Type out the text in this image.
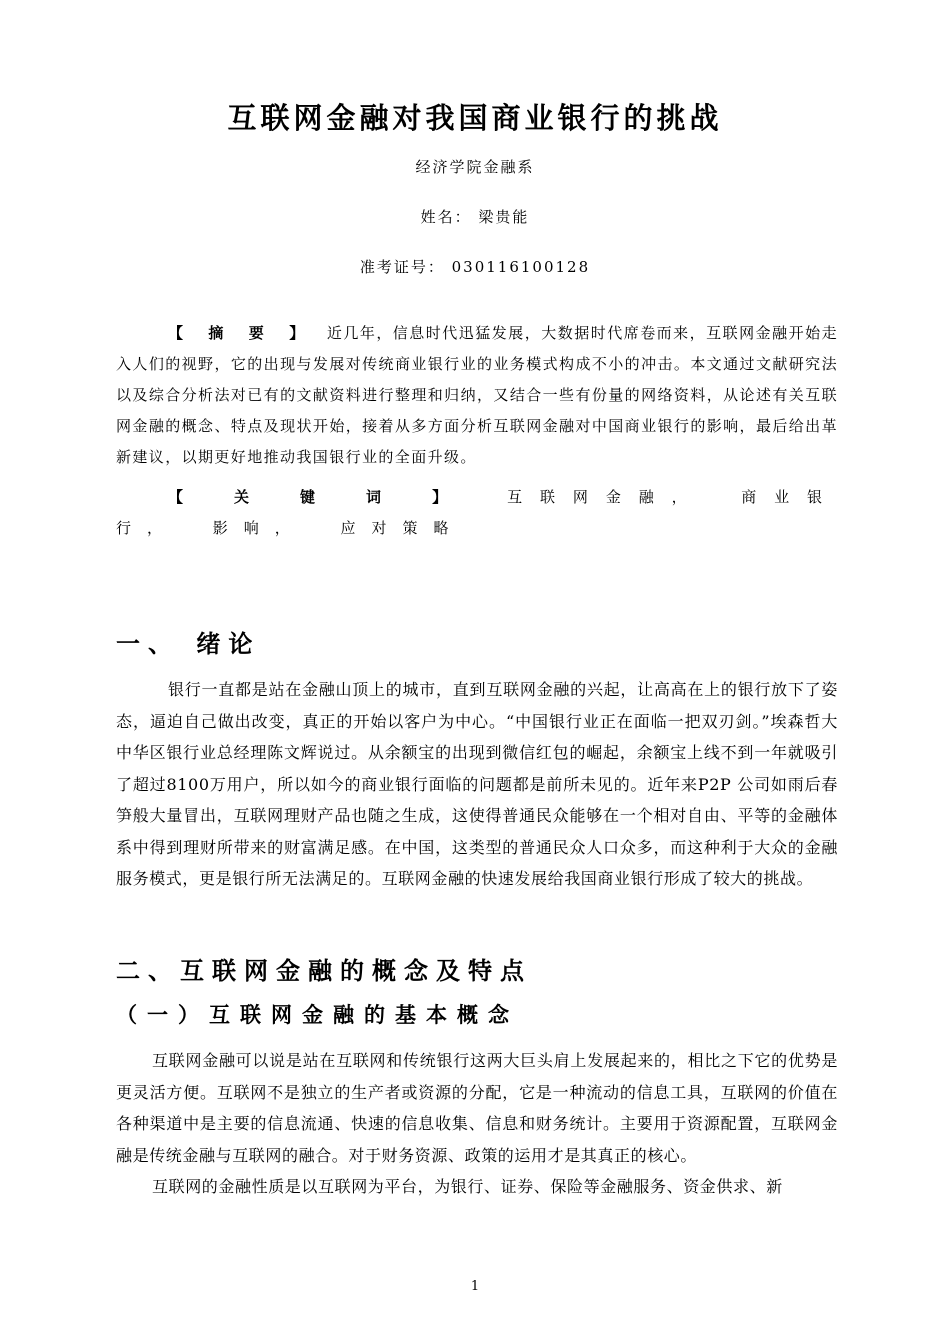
互联网金融对我国商业银行的挑战
经济学院金融系
姓名： 梁贵能
准考证号： 030116100128

【 摘 要 】 近几年，信息时代迅猛发展，大数据时代席卷而来，互联网金融开始走入人们的视野，它的出现与发展对传统商业银行业的业务模式构成不小的冲击。本文通过文献研究法以及综合分析法对已有的文献资料进行整理和归纳，又结合一些有份量的网络资料，从论述有关互联网金融的概念、特点及现状开始，接着从多方面分析互联网金融对中国商业银行的影响，最后给出革新建议，以期更好地推动我国银行业的全面升级。

【 关 键 词 】	互联网金融， 商业银行， 影响， 应对策略

一、 绪论

银行一直都是站在金融山顶上的城市，直到互联网金融的兴起，让高高在上的银行放下了姿态，逼迫自己做出改变，真正的开始以客户为中心。“中国银行业正在面临一把双刃剑。”埃森哲大中华区银行业总经理陈文辉说过。从余额宝的出现到微信红包的崛起，余额宝上线不到一年就吸引了超过8100万用户，所以如今的商业银行面临的问题都是前所未见的。近年来P2P 公司如雨后春笋般大量冒出，互联网理财产品也随之生成，这使得普通民众能够在一个相对自由、平等的金融体系中得到理财所带来的财富满足感。在中国，这类型的普通民众人口众多，而这种利于大众的金融服务模式，更是银行所无法满足的。互联网金融的快速发展给我国商业银行形成了较大的挑战。

二、互联网金融的概念及特点
（一）互联网金融的基本概念

互联网金融可以说是站在互联网和传统银行这两大巨头肩上发展起来的，相比之下它的优势是更灵活方便。互联网不是独立的生产者或资源的分配，它是一种流动的信息工具，互联网的价值在各种渠道中是主要的信息流通、快速的信息收集、信息和财务统计。主要用于资源配置，互联网金融是传统金融与互联网的融合。对于财务资源、政策的运用才是其真正的核心。

互联网的金融性质是以互联网为平台，为银行、证券、保险等金融服务、资金供求、新

1
